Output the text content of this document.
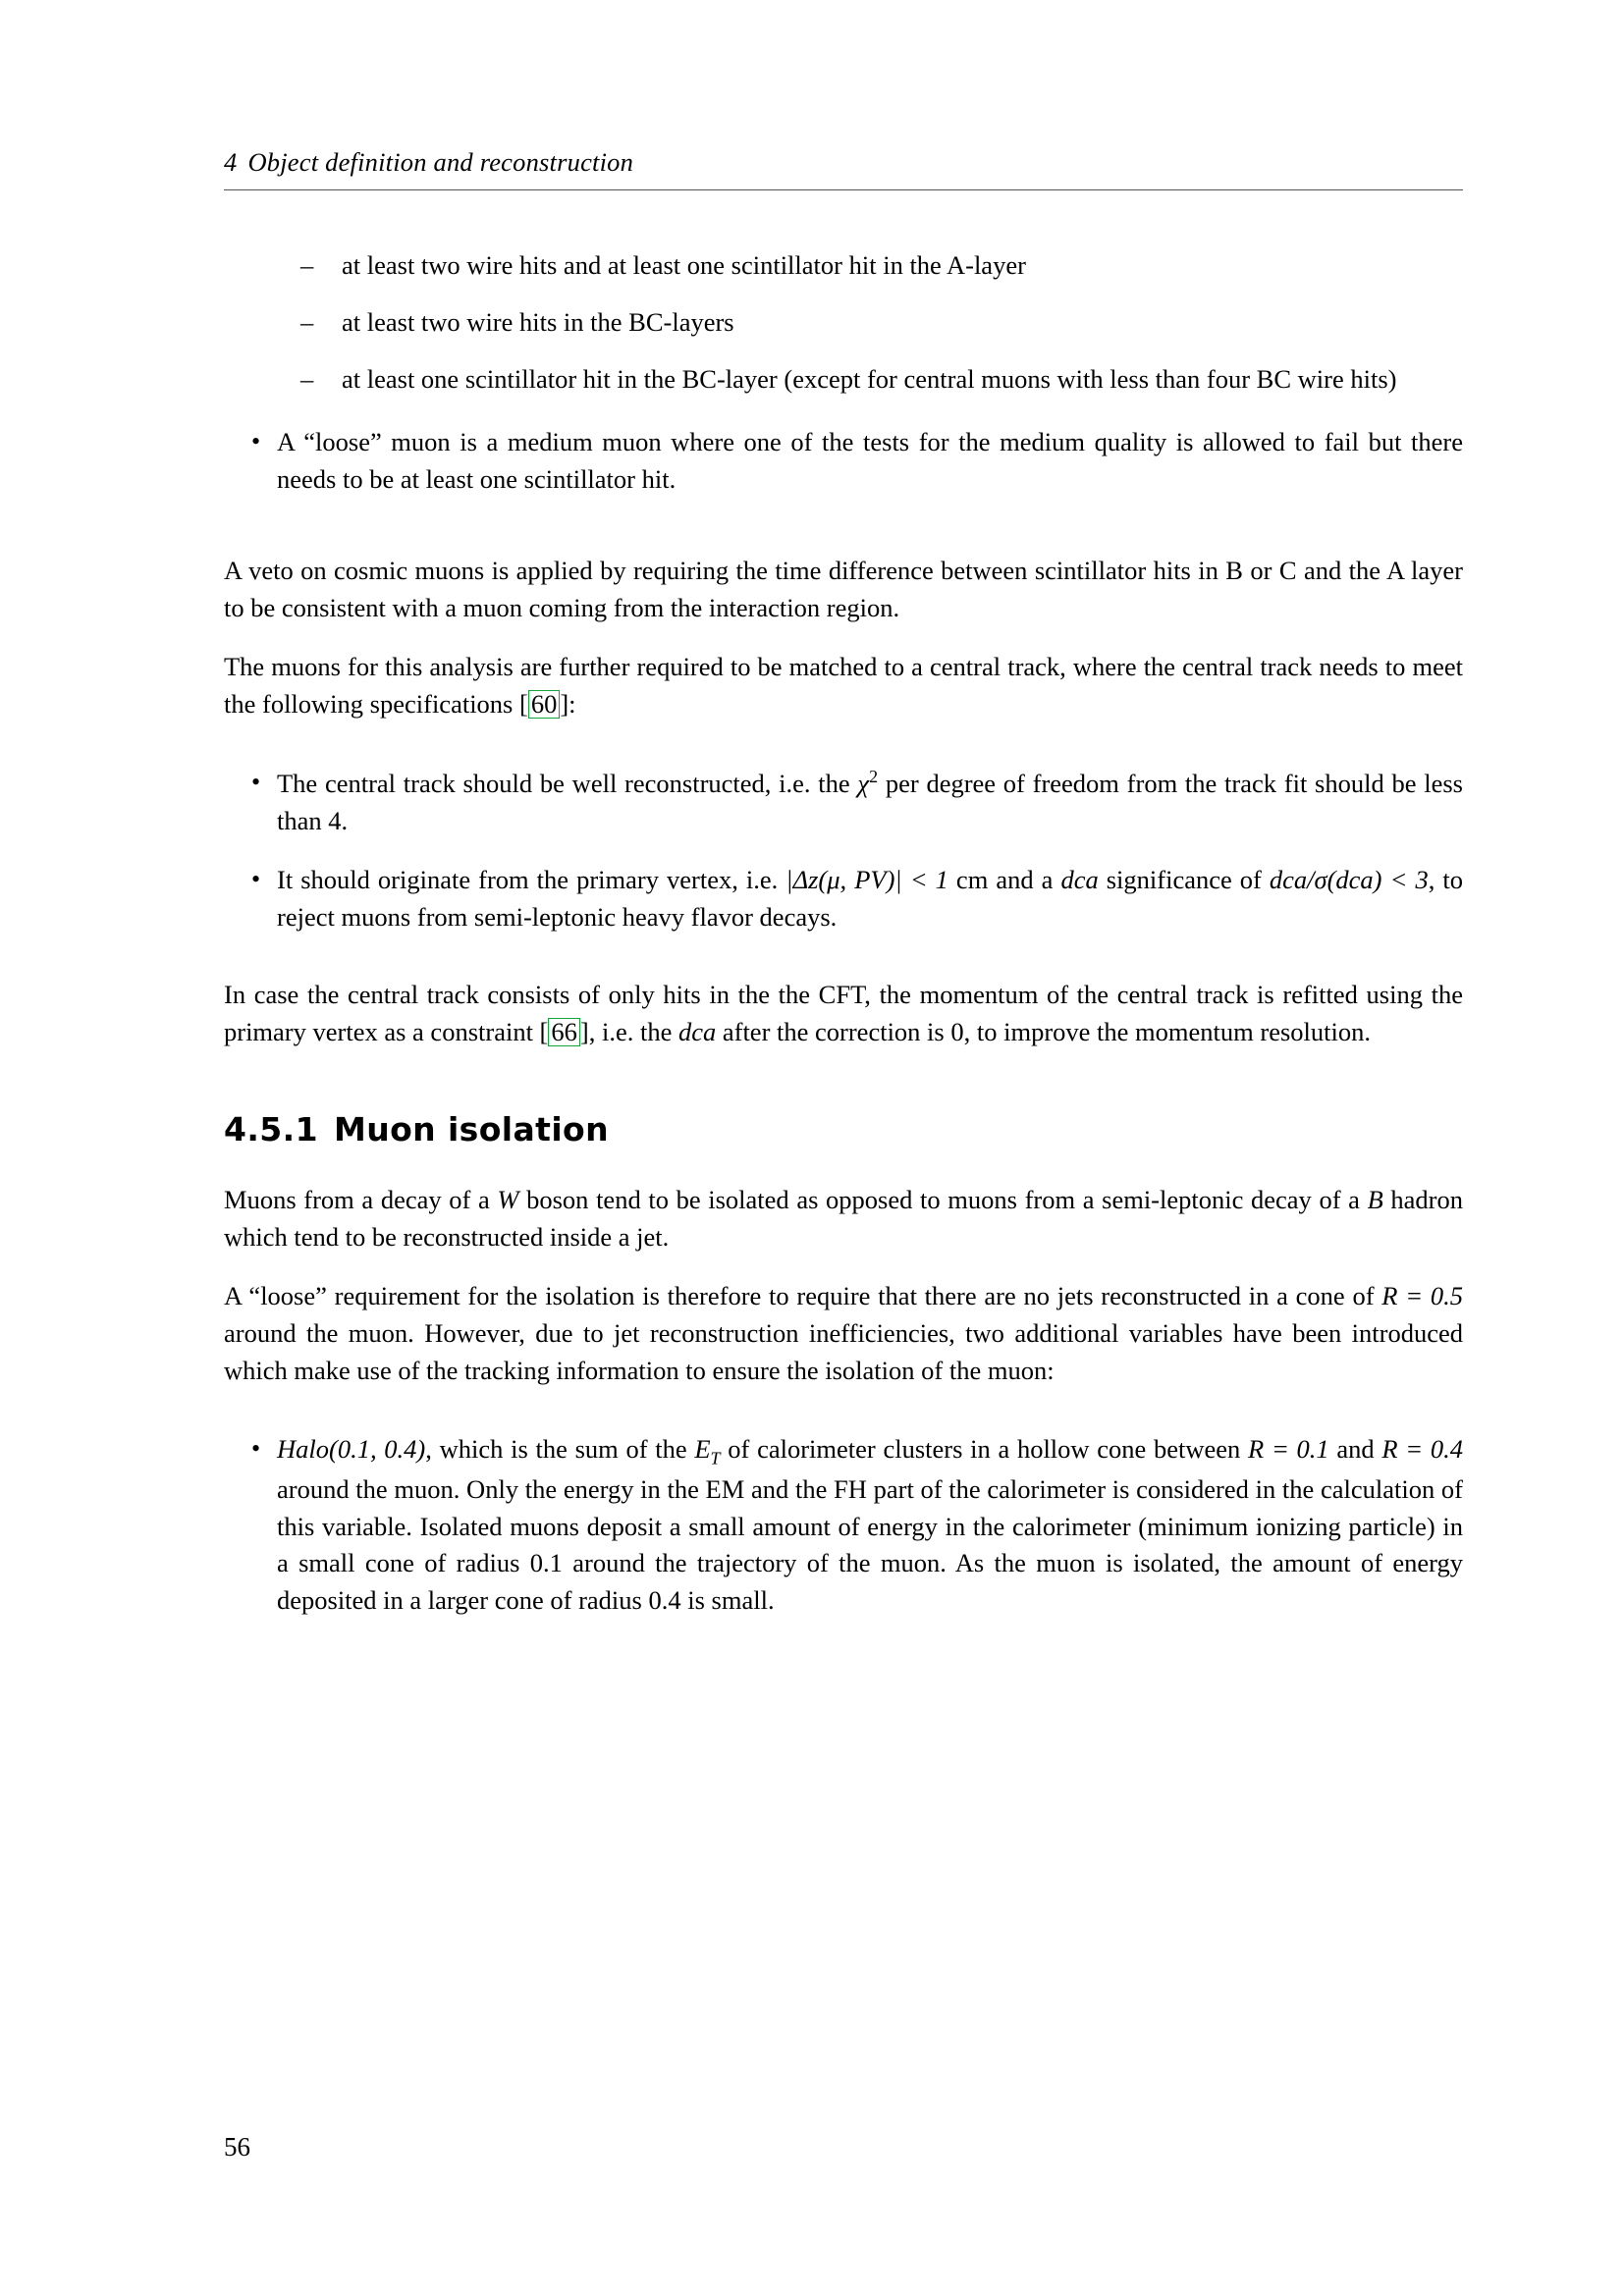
4 Object definition and reconstruction
– at least two wire hits and at least one scintillator hit in the A-layer
– at least two wire hits in the BC-layers
– at least one scintillator hit in the BC-layer (except for central muons with less than four BC wire hits)
• A “loose” muon is a medium muon where one of the tests for the medium quality is allowed to fail but there needs to be at least one scintillator hit.

A veto on cosmic muons is applied by requiring the time difference between scintillator hits in B or C and the A layer to be consistent with a muon coming from the interaction region.

The muons for this analysis are further required to be matched to a central track, where the central track needs to meet the following specifications [ 60 ]:

• The central track should be well reconstructed, i.e. the $\chi^2$ per degree of freedom from the track fit should be less than 4.
• It should originate from the primary vertex, i.e. |Δz(μ, PV)| < 1 cm and a dca significance of dca/σ(dca) < 3, to reject muons from semi-leptonic heavy flavor decays.

In case the central track consists of only hits in the the CFT, the momentum of the central track is refitted using the primary vertex as a constraint [ 66 ], i.e. the dca after the correction is 0, to improve the momentum resolution.

4.5.1 Muon isolation

Muons from a decay of a W boson tend to be isolated as opposed to muons from a semi-leptonic decay of a B hadron which tend to be reconstructed inside a jet.

A “loose” requirement for the isolation is therefore to require that there are no jets reconstructed in a cone of R = 0.5 around the muon. However, due to jet reconstruction inefficiencies, two additional variables have been introduced which make use of the tracking information to ensure the isolation of the muon:

• Halo(0.1, 0.4), which is the sum of the $E_T$ of calorimeter clusters in a hollow cone between R = 0.1 and R = 0.4 around the muon. Only the energy in the EM and the FH part of the calorimeter is considered in the calculation of this variable. Isolated muons deposit a small amount of energy in the calorimeter (minimum ionizing particle) in a small cone of radius 0.1 around the trajectory of the muon. As the muon is isolated, the amount of energy deposited in a larger cone of radius 0.4 is small.
56
